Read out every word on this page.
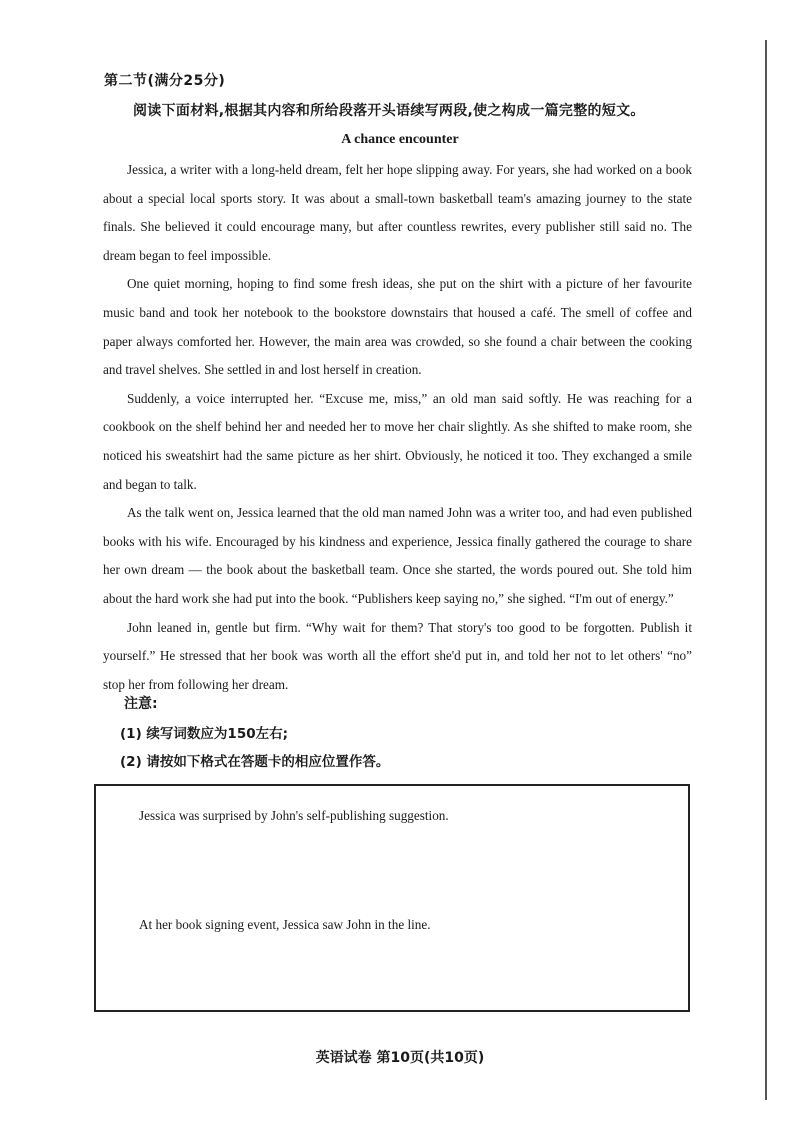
第二节(满分25分)
阅读下面材料,根据其内容和所给段落开头语续写两段,使之构成一篇完整的短文。
A chance encounter

Jessica, a writer with a long-held dream, felt her hope slipping away. For years, she had worked on a book about a special local sports story. It was about a small-town basketball team's amazing journey to the state finals. She believed it could encourage many, but after countless rewrites, every publisher still said no. The dream began to feel impossible.

One quiet morning, hoping to find some fresh ideas, she put on the shirt with a picture of her favourite music band and took her notebook to the bookstore downstairs that housed a café. The smell of coffee and paper always comforted her. However, the main area was crowded, so she found a chair between the cooking and travel shelves. She settled in and lost herself in creation.

Suddenly, a voice interrupted her. “Excuse me, miss,” an old man said softly. He was reaching for a cookbook on the shelf behind her and needed her to move her chair slightly. As she shifted to make room, she noticed his sweatshirt had the same picture as her shirt. Obviously, he noticed it too. They exchanged a smile and began to talk.

As the talk went on, Jessica learned that the old man named John was a writer too, and had even published books with his wife. Encouraged by his kindness and experience, Jessica finally gathered the courage to share her own dream — the book about the basketball team. Once she started, the words poured out. She told him about the hard work she had put into the book. “Publishers keep saying no,” she sighed. “I'm out of energy.”

John leaned in, gentle but firm. “Why wait for them? That story's too good to be forgotten. Publish it yourself.” He stressed that her book was worth all the effort she'd put in, and told her not to let others' “no” stop her from following her dream.

注意:
(1) 续写词数应为150左右;
(2) 请按如下格式在答题卡的相应位置作答。
Jessica was surprised by John's self-publishing suggestion.
At her book signing event, Jessica saw John in the line.
英语试卷 第10页(共10页)
